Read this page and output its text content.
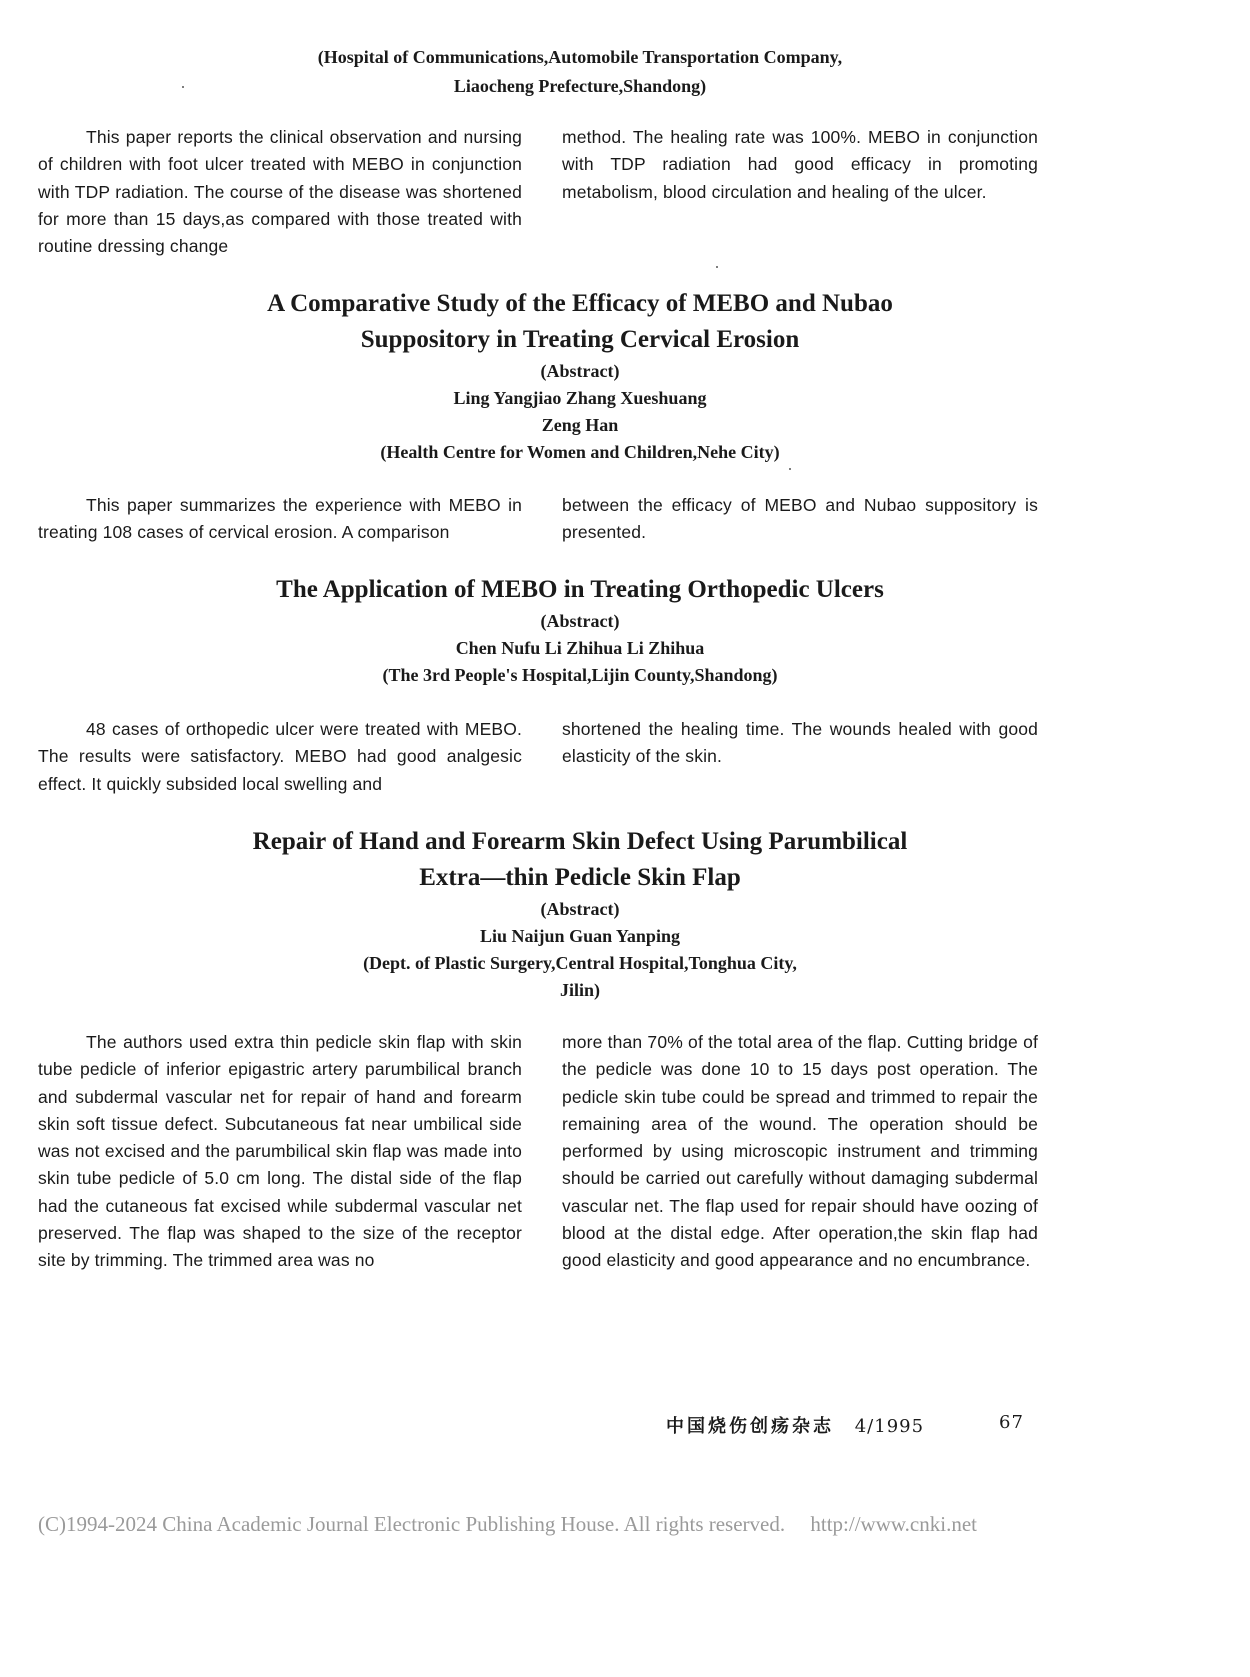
(Hospital of Communications,Automobile Transportation Company,

Liaocheng Prefecture,Shandong)

This paper reports the clinical observation and nursing of children with foot ulcer treated with MEBO in conjunction with TDP radiation. The course of the disease was shortened for more than 15 days,as compared with those treated with routine dressing change

method. The healing rate was 100%. MEBO in conjunction with TDP radiation had good efficacy in promoting metabolism, blood circulation and healing of the ulcer.

A Comparative Study of the Efficacy of MEBO and Nubao

Suppository in Treating Cervical Erosion

(Abstract)

Ling Yangjiao Zhang Xueshuang

Zeng Han

(Health Centre for Women and Children,Nehe City)

This paper summarizes the experience with MEBO in treating 108 cases of cervical erosion. A comparison

between the efficacy of MEBO and Nubao suppository is presented.

The Application of MEBO in Treating Orthopedic Ulcers

(Abstract)

Chen Nufu Li Zhihua Li Zhihua

(The 3rd People's Hospital,Lijin County,Shandong)

48 cases of orthopedic ulcer were treated with MEBO. The results were satisfactory. MEBO had good analgesic effect. It quickly subsided local swelling and

shortened the healing time. The wounds healed with good elasticity of the skin.

Repair of Hand and Forearm Skin Defect Using Parumbilical

Extra—thin Pedicle Skin Flap

(Abstract)

Liu Naijun Guan Yanping

(Dept. of Plastic Surgery,Central Hospital,Tonghua City,

Jilin)

The authors used extra thin pedicle skin flap with skin tube pedicle of inferior epigastric artery parumbilical branch and subdermal vascular net for repair of hand and forearm skin soft tissue defect. Subcutaneous fat near umbilical side was not excised and the parumbilical skin flap was made into skin tube pedicle of 5.0 cm long. The distal side of the flap had the cutaneous fat excised while subdermal vascular net preserved. The flap was shaped to the size of the receptor site by trimming. The trimmed area was no

more than 70% of the total area of the flap. Cutting bridge of the pedicle was done 10 to 15 days post operation. The pedicle skin tube could be spread and trimmed to repair the remaining area of the wound. The operation should be performed by using microscopic instrument and trimming should be carried out carefully without damaging subdermal vascular net. The flap used for repair should have oozing of blood at the distal edge. After operation,the skin flap had good elasticity and good appearance and no encumbrance.

中国烧伤创疡杂志 4/1995	67
(C)1994-2024 China Academic Journal Electronic Publishing House. All rights reserved. http://www.cnki.net
